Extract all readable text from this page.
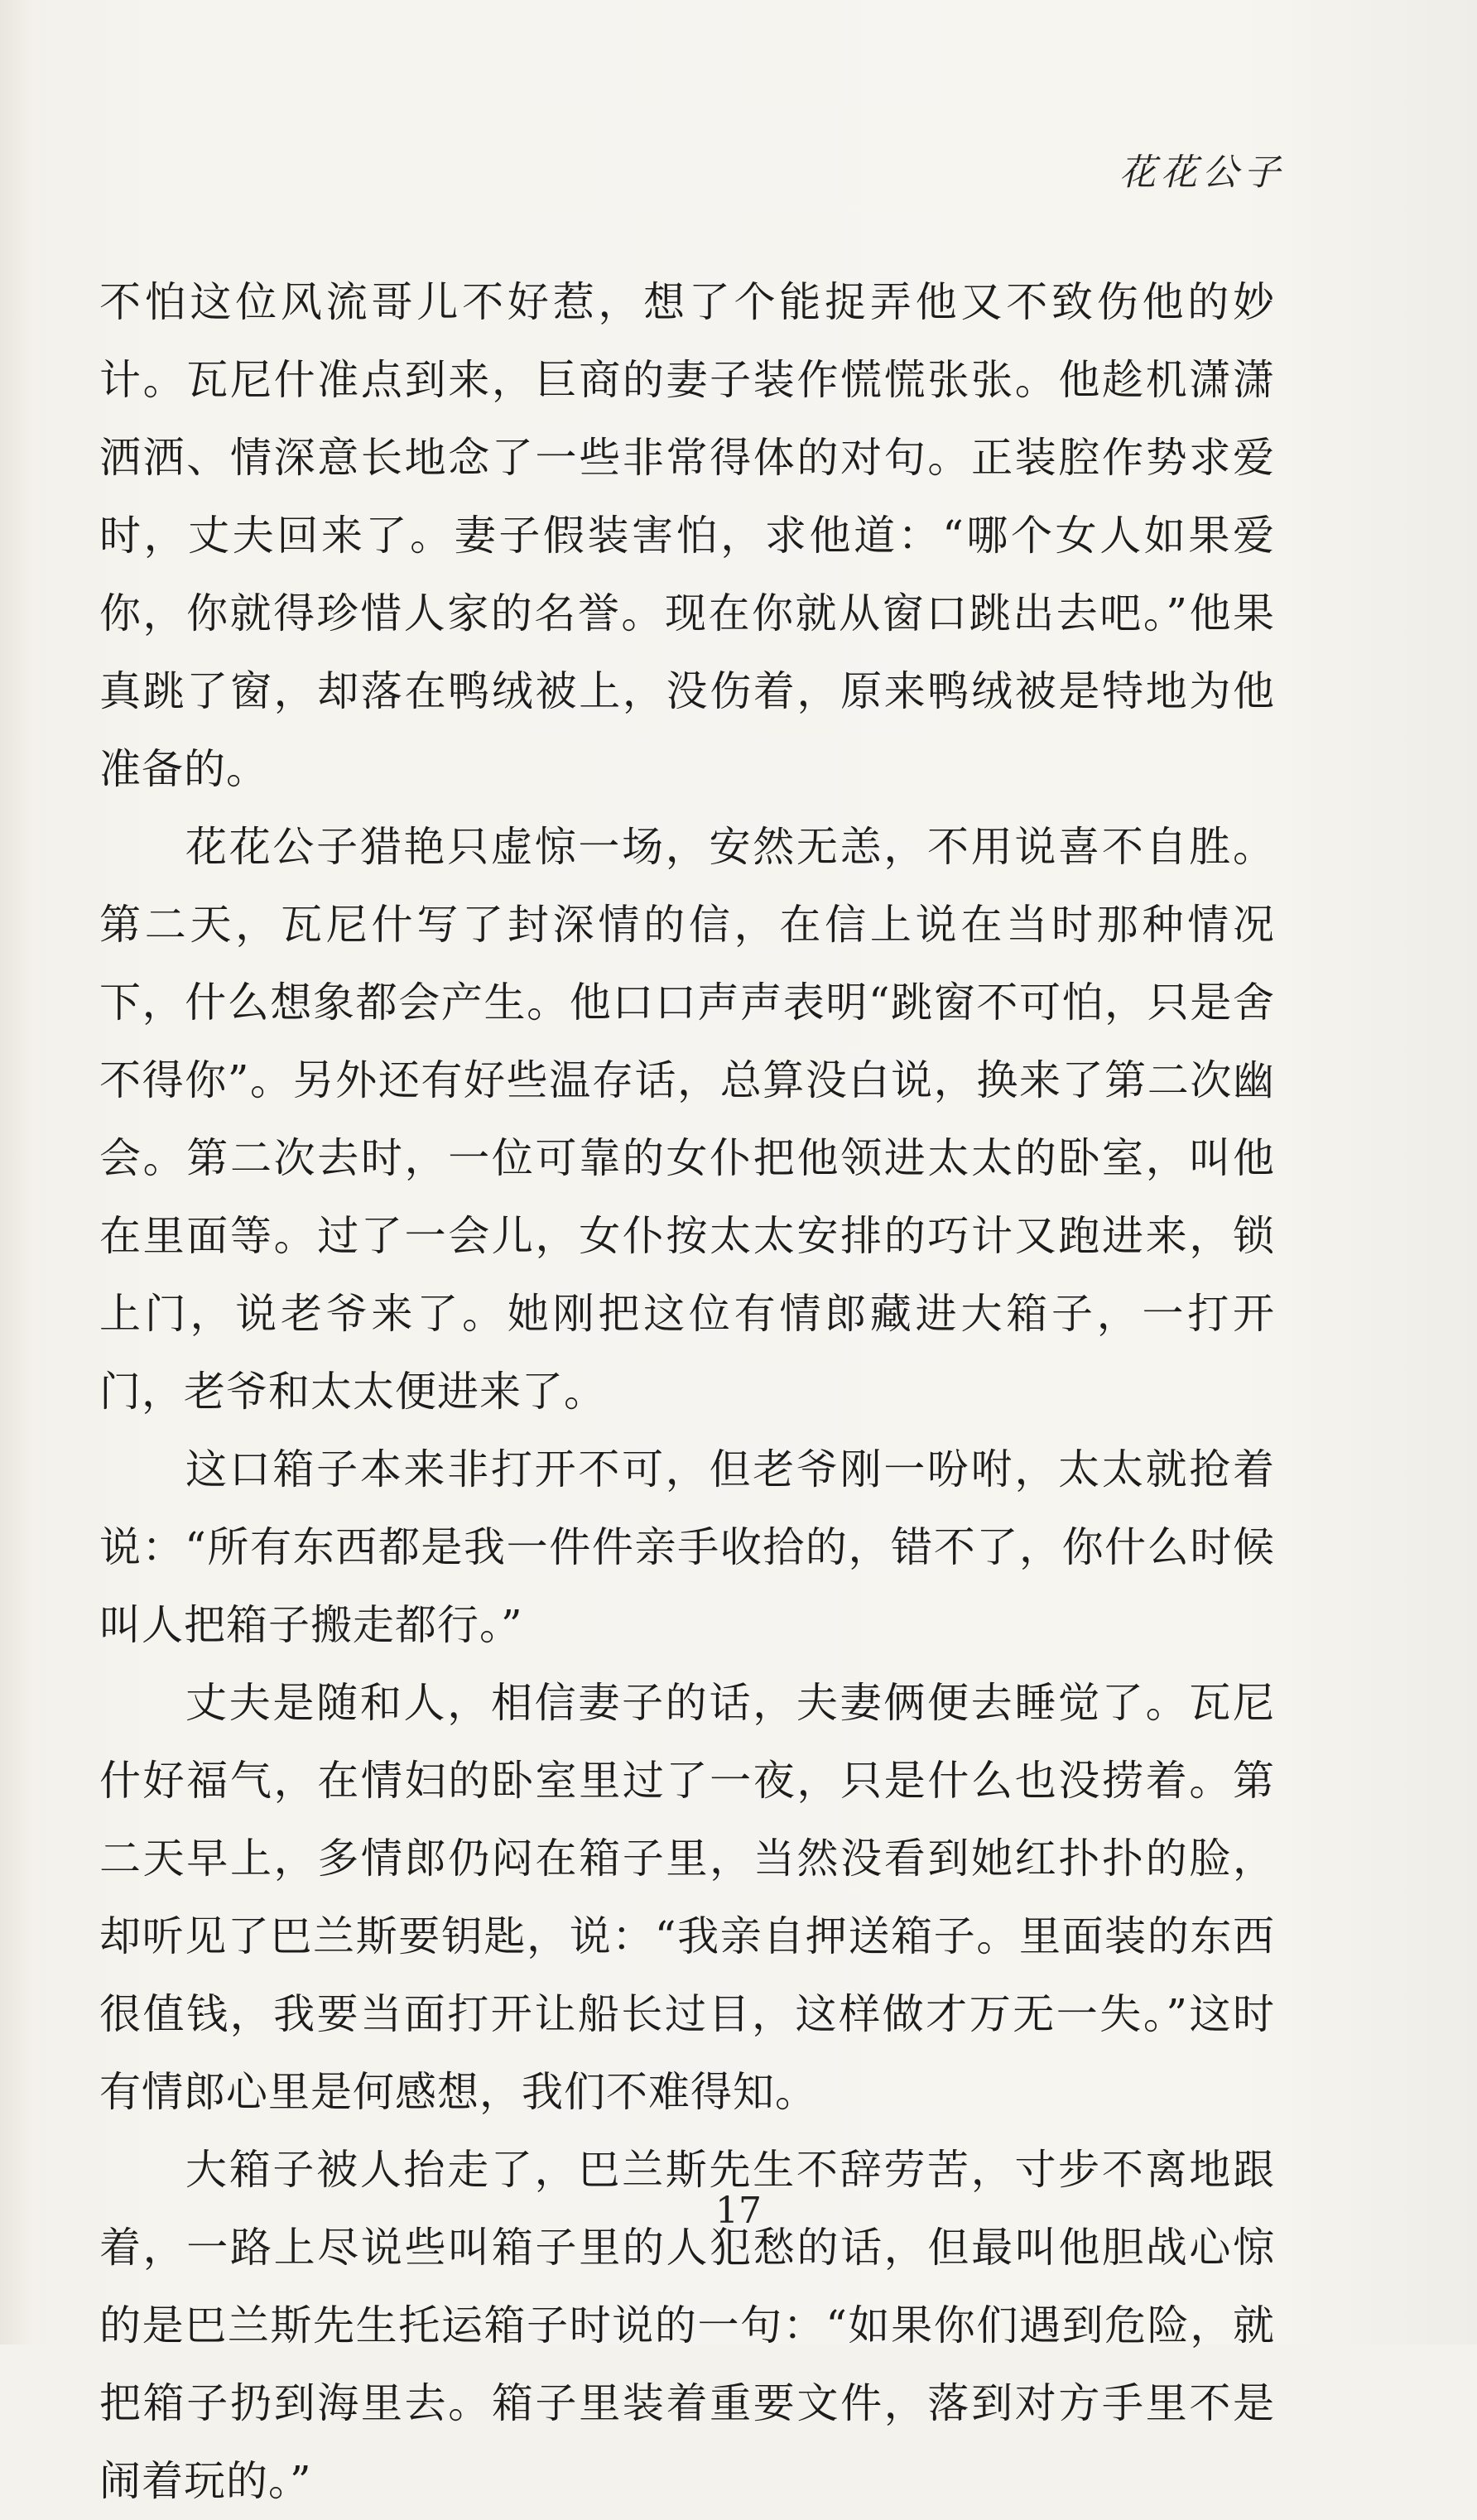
花花公子

不怕这位风流哥儿不好惹，想了个能捉弄他又不致伤他的妙计。瓦尼什准点到来，巨商的妻子装作慌慌张张。他趁机潇潇洒洒、情深意长地念了一些非常得体的对句。正装腔作势求爱时，丈夫回来了。妻子假装害怕，求他道：“哪个女人如果爱你，你就得珍惜人家的名誉。现在你就从窗口跳出去吧。”他果真跳了窗，却落在鸭绒被上，没伤着，原来鸭绒被是特地为他准备的。

花花公子猎艳只虚惊一场，安然无恙，不用说喜不自胜。第二天，瓦尼什写了封深情的信，在信上说在当时那种情况下，什么想象都会产生。他口口声声表明“跳窗不可怕，只是舍不得你”。另外还有好些温存话，总算没白说，换来了第二次幽会。第二次去时，一位可靠的女仆把他领进太太的卧室，叫他在里面等。过了一会儿，女仆按太太安排的巧计又跑进来，锁上门，说老爷来了。她刚把这位有情郎藏进大箱子，一打开门，老爷和太太便进来了。

这口箱子本来非打开不可，但老爷刚一吩咐，太太就抢着说：“所有东西都是我一件件亲手收拾的，错不了，你什么时候叫人把箱子搬走都行。”

丈夫是随和人，相信妻子的话，夫妻俩便去睡觉了。瓦尼什好福气，在情妇的卧室里过了一夜，只是什么也没捞着。第二天早上，多情郎仍闷在箱子里，当然没看到她红扑扑的脸，却听见了巴兰斯要钥匙，说：“我亲自押送箱子。里面装的东西很值钱，我要当面打开让船长过目，这样做才万无一失。”这时有情郎心里是何感想，我们不难得知。

大箱子被人抬走了，巴兰斯先生不辞劳苦，寸步不离地跟着，一路上尽说些叫箱子里的人犯愁的话，但最叫他胆战心惊的是巴兰斯先生托运箱子时说的一句：“如果你们遇到危险，就把箱子扔到海里去。箱子里装着重要文件，落到对方手里不是闹着玩的。”

17
